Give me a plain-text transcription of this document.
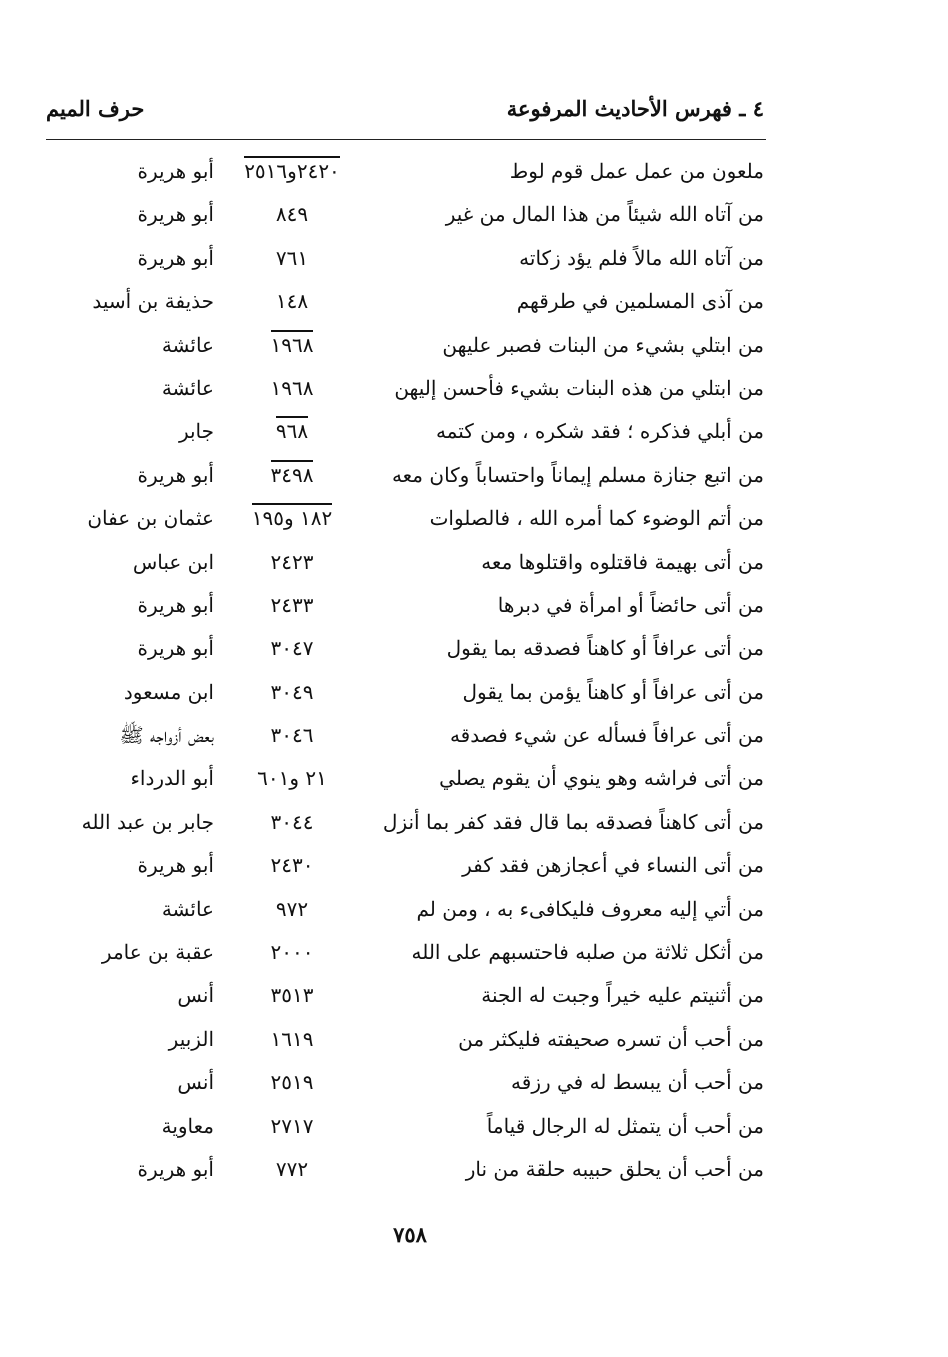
٤ ـ فهرس الأحاديث المرفوعة
حرف الميم
ملعون من عمل عمل قوم لوط
٢٤٢٠و٢٥١٦
أبو هريرة
من آتاه الله شيئاً من هذا المال من غير
٨٤٩
أبو هريرة
من آتاه الله مالاً فلم يؤد زكاته
٧٦١
أبو هريرة
من آذى المسلمين في طرقهم
١٤٨
حذيفة بن أسيد
من ابتلي بشيء من البنات فصبر عليهن
١٩٦٨
عائشة
من ابتلي من هذه البنات بشيء فأحسن إليهن
١٩٦٨
عائشة
من أبلي فذكره ؛ فقد شكره ، ومن كتمه
٩٦٨
جابر
من اتبع جنازة مسلم إيماناً واحتساباً وكان معه
٣٤٩٨
أبو هريرة
من أتم الوضوء كما أمره الله ، فالصلوات
١٨٢ و١٩٥
عثمان بن عفان
من أتى بهيمة فاقتلوه واقتلوها معه
٢٤٢٣
ابن عباس
من أتى حائضاً أو امرأة في دبرها
٢٤٣٣
أبو هريرة
من أتى عرافاً أو كاهناً فصدقه بما يقول
٣٠٤٧
أبو هريرة
من أتى عرافاً أو كاهناً يؤمن بما يقول
٣٠٤٩
ابن مسعود
من أتى عرافاً فسأله عن شيء فصدقه
٣٠٤٦
بعض أزواجه ﷺ
من أتى فراشه وهو ينوي أن يقوم يصلي
٢١ و٦٠١
أبو الدرداء
من أتى كاهناً فصدقه بما قال فقد كفر بما أنزل
٣٠٤٤
جابر بن عبد الله
من أتى النساء في أعجازهن فقد كفر
٢٤٣٠
أبو هريرة
من أتي إليه معروف فليكافىء به ، ومن لم
٩٧٢
عائشة
من أثكل ثلاثة من صلبه فاحتسبهم على الله
٢٠٠٠
عقبة بن عامر
من أثنيتم عليه خيراً وجبت له الجنة
٣٥١٣
أنس
من أحب أن تسره صحيفته فليكثر من
١٦١٩
الزبير
من أحب أن يبسط له في رزقه
٢٥١٩
أنس
من أحب أن يتمثل له الرجال قياماً
٢٧١٧
معاوية
من أحب أن يحلق حبيبه حلقة من نار
٧٧٢
أبو هريرة
٧٥٨
